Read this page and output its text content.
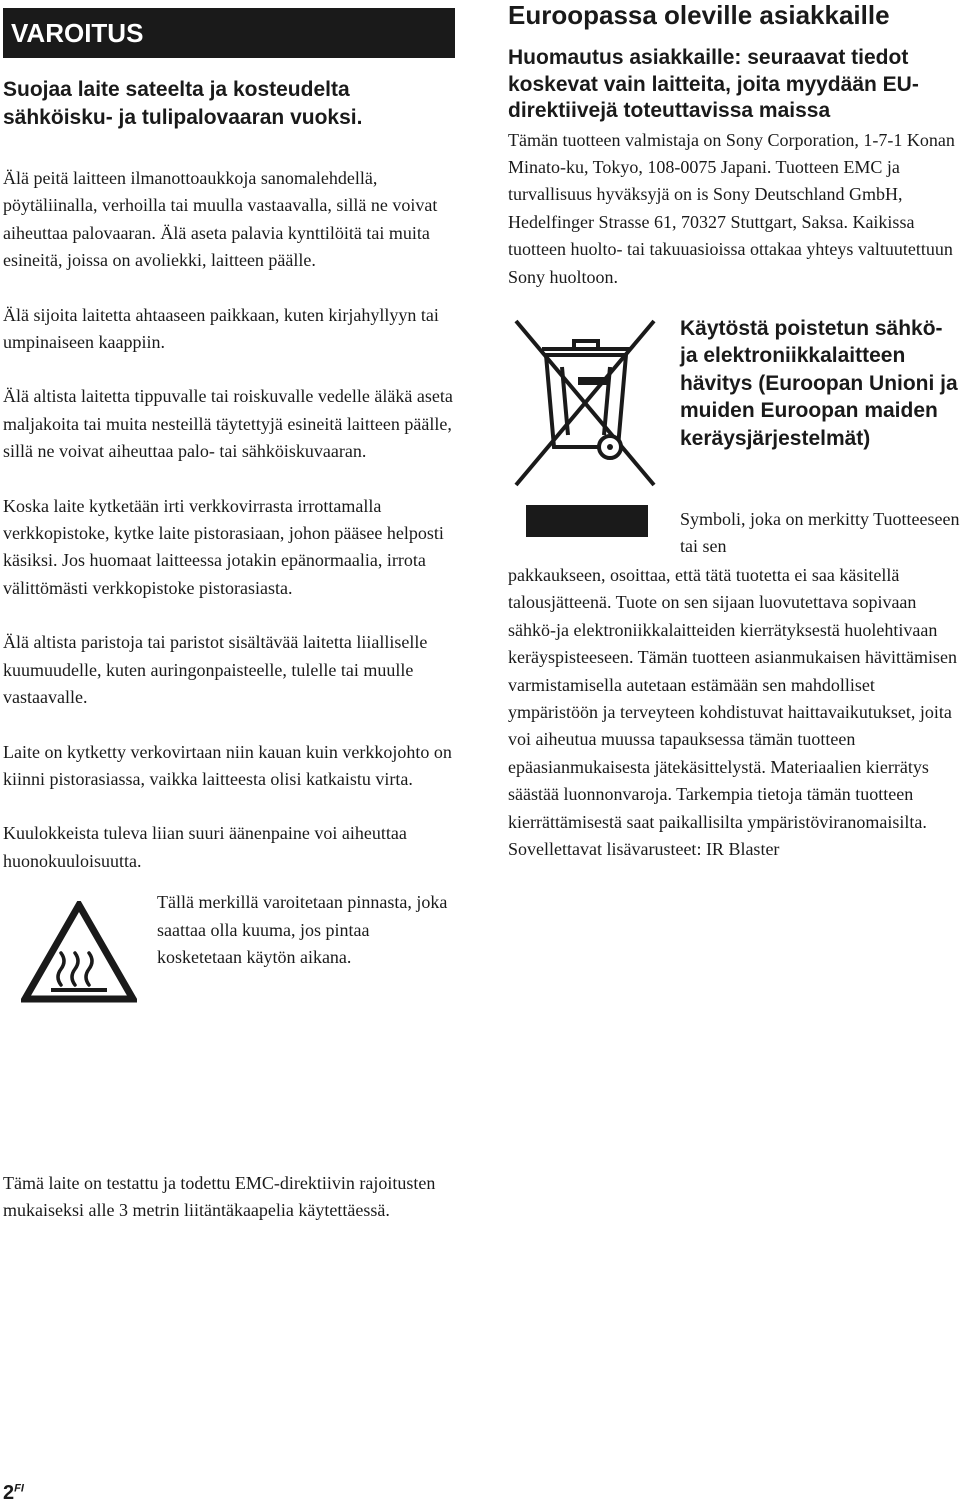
VAROITUS

Suojaa laite sateelta ja kosteudelta sähköisku- ja tulipalovaaran vuoksi.

Älä peitä laitteen ilmanottoaukkoja sanomalehdellä, pöytäliinalla, verhoilla tai muulla vastaavalla, sillä ne voivat aiheuttaa palovaaran. Älä aseta palavia kynttilöitä tai muita esineitä, joissa on avoliekki, laitteen päälle.

Älä sijoita laitetta ahtaaseen paikkaan, kuten kirjahyllyyn tai umpinaiseen kaappiin.

Älä altista laitetta tippuvalle tai roiskuvalle vedelle äläkä aseta maljakoita tai muita nesteillä täytettyjä esineitä laitteen päälle, sillä ne voivat aiheuttaa palo- tai sähköiskuvaaran.

Koska laite kytketään irti verkkovirrasta irrottamalla verkkopistoke, kytke laite pistorasiaan, johon pääsee helposti käsiksi. Jos huomaat laitteessa jotakin epänormaalia, irrota välittömästi verkkopistoke pistorasiasta.

Älä altista paristoja tai paristot sisältävää laitetta liialliselle kuumuudelle, kuten auringonpaisteelle, tulelle tai muulle vastaavalle.

Laite on kytketty verkovirtaan niin kauan kuin verkkojohto on kiinni pistorasiassa, vaikka laitteesta olisi katkaistu virta.

Kuulokkeista tuleva liian suuri äänenpaine voi aiheuttaa huonokuuloisuutta.

Tällä merkillä varoitetaan pinnasta, joka saattaa olla kuuma, jos pintaa kosketetaan käytön aikana.

Tämä laite on testattu ja todettu EMC-direktiivin rajoitusten mukaiseksi alle 3 metrin liitäntäkaapelia käytettäessä.

$2^{FI}$

Euroopassa oleville asiakkaille

Huomautus asiakkaille: seuraavat tiedot koskevat vain laitteita, joita myydään EU-direktiivejä toteuttavissa maissa

Tämän tuotteen valmistaja on Sony Corporation, 1-7-1 Konan Minato-ku, Tokyo, 108-0075 Japani. Tuotteen EMC ja turvallisuus hyväksyjä on is Sony Deutschland GmbH, Hedelfinger Strasse 61, 70327 Stuttgart, Saksa. Kaikissa tuotteen huolto- tai takuuasioissa ottakaa yhteys valtuutettuun Sony huoltoon.

Käytöstä poistetun sähkö- ja elektroniikkalaitteen hävitys (Euroopan Unioni ja muiden Euroopan maiden keräysjärjestelmät)

Symboli, joka on merkitty Tuotteeseen tai sen

pakkaukseen, osoittaa, että tätä tuotetta ei saa käsitellä talousjätteenä. Tuote on sen sijaan luovutettava sopivaan sähkö-ja elektroniikkalaitteiden kierrätyksestä huolehtivaan keräyspisteeseen. Tämän tuotteen asianmukaisen hävittämisen varmistamisella autetaan estämään sen mahdolliset ympäristöön ja terveyteen kohdistuvat haittavaikutukset, joita voi aiheutua muussa tapauksessa tämän tuotteen epäasianmukaisesta jätekäsittelystä. Materiaalien kierrätys säästää luonnonvaroja. Tarkempia tietoja tämän tuotteen kierrättämisestä saat paikallisilta ympäristöviranomaisilta.

Sovellettavat lisävarusteet: IR Blaster
